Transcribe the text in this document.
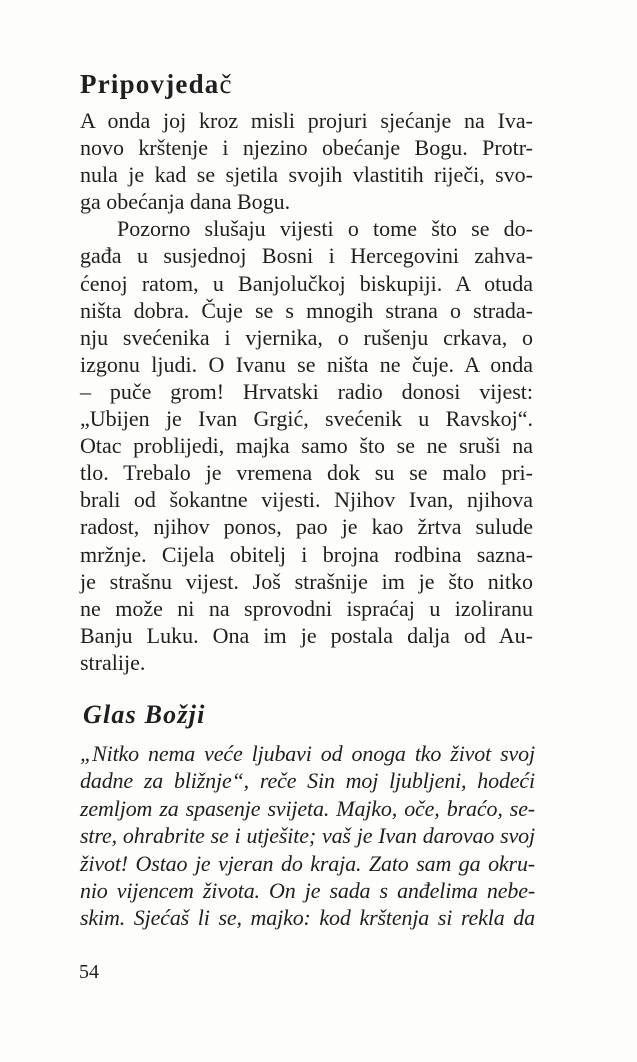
Pripovjedač
A onda joj kroz misli projuri sjećanje na Iva-
novo krštenje i njezino obećanje Bogu. Protr-
nula je kad se sjetila svojih vlastitih riječi, svo-
ga obećanja dana Bogu.
Pozorno slušaju vijesti o tome što se do-
gađa u susjednoj Bosni i Hercegovini zahva-
ćenoj ratom, u Banjolučkoj biskupiji. A otuda
ništa dobra. Čuje se s mnogih strana o strada-
nju svećenika i vjernika, o rušenju crkava, o
izgonu ljudi. O Ivanu se ništa ne čuje. A onda
– puče grom! Hrvatski radio donosi vijest:
„Ubijen je Ivan Grgić, svećenik u Ravskoj“.
Otac problijedi, majka samo što se ne sruši na
tlo. Trebalo je vremena dok su se malo pri-
brali od šokantne vijesti. Njihov Ivan, njihova
radost, njihov ponos, pao je kao žrtva sulude
mržnje. Cijela obitelj i brojna rodbina sazna-
je strašnu vijest. Još strašnije im je što nitko
ne može ni na sprovodni ispraćaj u izoliranu
Banju Luku. Ona im je postala dalja od Au-
stralije.
Glas Božji
„Nitko nema veće ljubavi od onoga tko život svoj
dadne za bližnje“, reče Sin moj ljubljeni, hodeći
zemljom za spasenje svijeta. Majko, oče, braćo, se-
stre, ohrabrite se i utješite; vaš je Ivan darovao svoj
život! Ostao je vjeran do kraja. Zato sam ga okru-
nio vijencem života. On je sada s anđelima nebe-
skim. Sjećaš li se, majko: kod krštenja si rekla da
54
